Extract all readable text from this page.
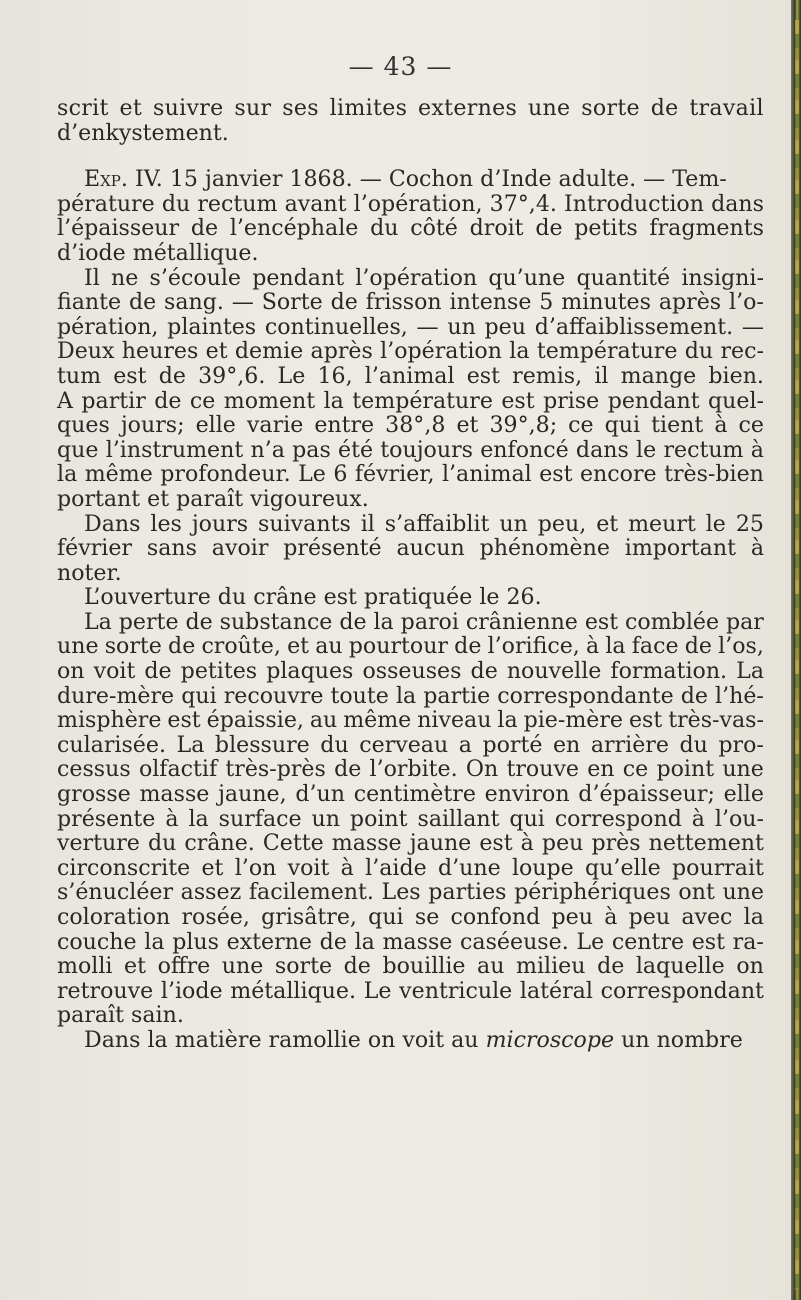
— 43 —
scrit et suivre sur ses limites externes une sorte de travail
d’enkystement.
Exp. IV. 15 janvier 1868. — Cochon d’Inde adulte. — Tem-
pérature du rectum avant l’opération, 37°,4. Introduction dans
l’épaisseur de l’encéphale du côté droit de petits fragments
d’iode métallique.
Il ne s’écoule pendant l’opération qu’une quantité insigni-
fiante de sang. — Sorte de frisson intense 5 minutes après l’o-
pération, plaintes continuelles, — un peu d’affaiblissement. —
Deux heures et demie après l’opération la température du rec-
tum est de 39°,6. Le 16, l’animal est remis, il mange bien.
A partir de ce moment la température est prise pendant quel-
ques jours; elle varie entre 38°,8 et 39°,8; ce qui tient à ce
que l’instrument n’a pas été toujours enfoncé dans le rectum à
la même profondeur. Le 6 février, l’animal est encore très-bien
portant et paraît vigoureux.
Dans les jours suivants il s’affaiblit un peu, et meurt le 25
février sans avoir présenté aucun phénomène important à
noter.
L’ouverture du crâne est pratiquée le 26.
La perte de substance de la paroi crânienne est comblée par
une sorte de croûte, et au pourtour de l’orifice, à la face de l’os,
on voit de petites plaques osseuses de nouvelle formation. La
dure-mère qui recouvre toute la partie correspondante de l’hé-
misphère est épaissie, au même niveau la pie-mère est très-vas-
cularisée. La blessure du cerveau a porté en arrière du pro-
cessus olfactif très-près de l’orbite. On trouve en ce point une
grosse masse jaune, d’un centimètre environ d’épaisseur; elle
présente à la surface un point saillant qui correspond à l’ou-
verture du crâne. Cette masse jaune est à peu près nettement
circonscrite et l’on voit à l’aide d’une loupe qu’elle pourrait
s’énucléer assez facilement. Les parties périphériques ont une
coloration rosée, grisâtre, qui se confond peu à peu avec la
couche la plus externe de la masse caséeuse. Le centre est ra-
molli et offre une sorte de bouillie au milieu de laquelle on
retrouve l’iode métallique. Le ventricule latéral correspondant
paraît sain.
Dans la matière ramollie on voit au microscope un nombre
